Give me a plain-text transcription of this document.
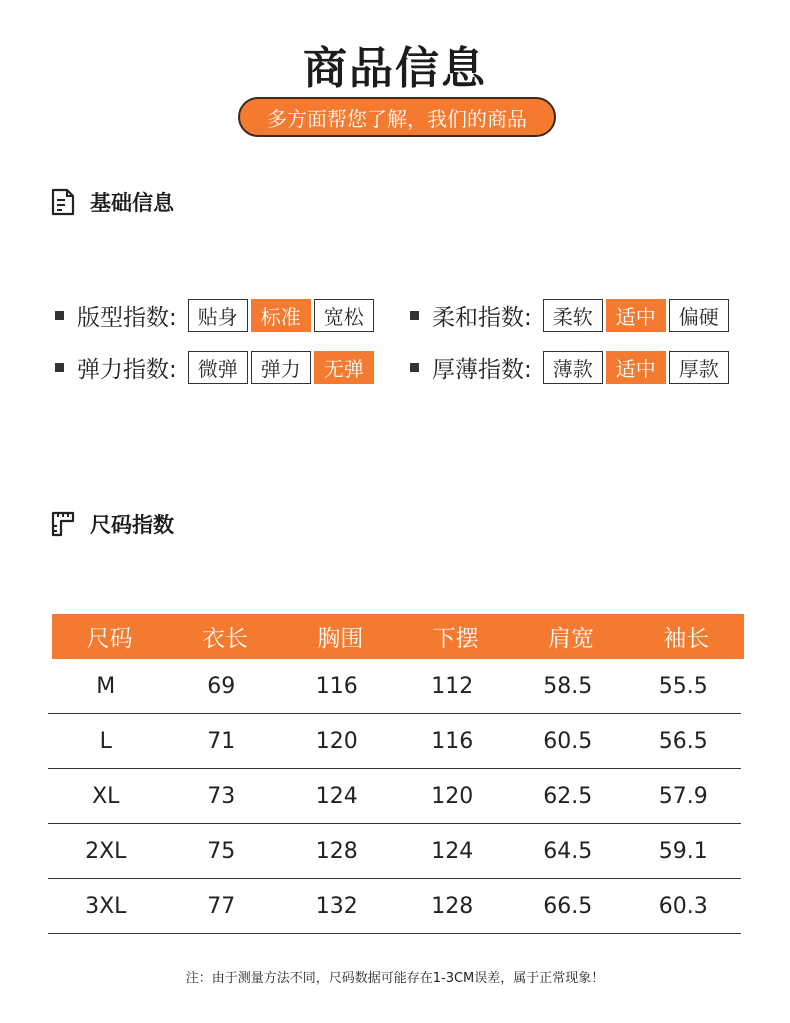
商品信息
多方面帮您了解，我们的商品
基础信息
版型指数:	贴身	标准	宽松	柔和指数:	柔软	适中	偏硬
弹力指数:	微弹	弹力	无弹	厚薄指数:	薄款	适中	厚款
尺码指数
尺码	衣长	胸围	下摆	肩宽	袖长
M	69	116	112	58.5	55.5
L	71	120	116	60.5	56.5
XL	73	124	120	62.5	57.9
2XL	75	128	124	64.5	59.1
3XL	77	132	128	66.5	60.3
注：由于测量方法不同，尺码数据可能存在1-3CM误差，属于正常现象！
